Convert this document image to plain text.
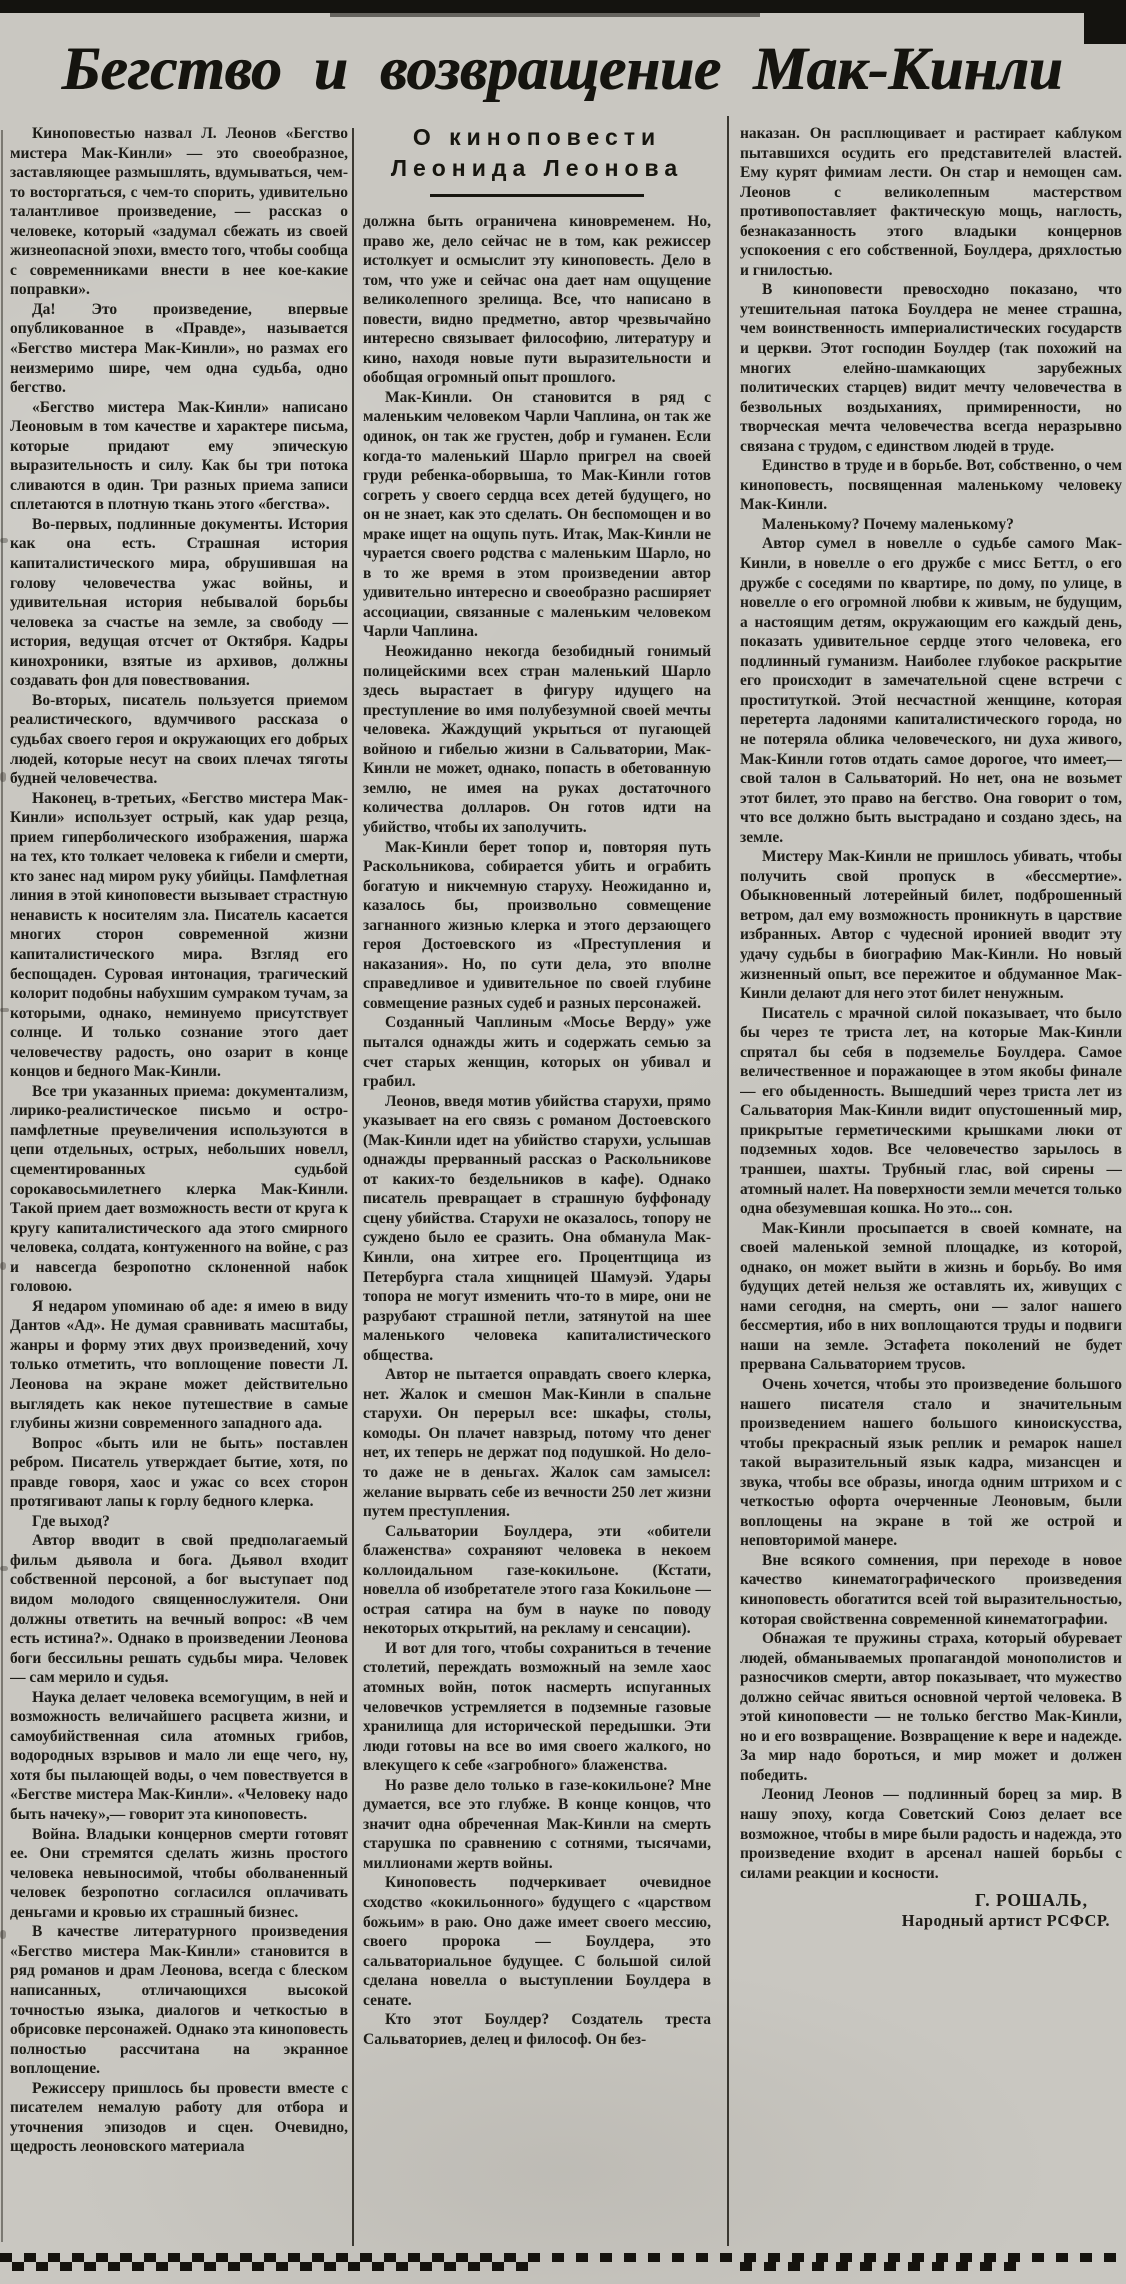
Бегство и возвращение Мак-Кинли
О киноповести
Леонида Леонова

Киноповестью назвал Л. Леонов «Бегство мистера Мак-Кинли» — это своеобразное, заставляющее размышлять, вдумываться, чем-то восторгаться, с чем-то спорить, удивительно талантливое произведение, — рассказ о человеке, который «задумал сбежать из своей жизнеопасной эпохи, вместо того, чтобы сообща с современниками внести в нее кое-какие поправки».

Да! Это произведение, впервые опубликованное в «Правде», называется «Бегство мистера Мак-Кинли», но размах его неизмеримо шире, чем одна судьба, одно бегство.

«Бегство мистера Мак-Кинли» написано Леоновым в том качестве и характере письма, которые придают ему эпическую выразительность и силу. Как бы три потока сливаются в один. Три разных приема записи сплетаются в плотную ткань этого «бегства».

Во-первых, подлинные документы. История как она есть. Страшная история капиталистического мира, обрушившая на голову человечества ужас войны, и удивительная история небывалой борьбы человека за счастье на земле, за свободу — история, ведущая отсчет от Октября. Кадры кинохроники, взятые из архивов, должны создавать фон для повествования.

Во-вторых, писатель пользуется приемом реалистического, вдумчивого рассказа о судьбах своего героя и окружающих его добрых людей, которые несут на своих плечах тяготы будней человечества.

Наконец, в-третьих, «Бегство мистера Мак-Кинли» использует острый, как удар резца, прием гиперболического изображения, шаржа на тех, кто толкает человека к гибели и смерти, кто занес над миром руку убийцы. Памфлетная линия в этой киноповести вызывает страстную ненависть к носителям зла. Писатель касается многих сторон современной жизни капиталистического мира. Взгляд его беспощаден. Суровая интонация, трагический колорит подобны набухшим сумраком тучам, за которыми, однако, неминуемо присутствует солнце. И только сознание этого дает человечеству радость, оно озарит в конце концов и бедного Мак-Кинли.

Все три указанных приема: документализм, лирико-реалистическое письмо и остро-памфлетные преувеличения используются в цепи отдельных, острых, небольших новелл, сцементированных судьбой сорокавосьмилетнего клерка Мак-Кинли. Такой прием дает возможность вести от круга к кругу капиталистического ада этого смирного человека, солдата, контуженного на войне, с раз и навсегда безропотно склоненной набок головою.

Я недаром упоминаю об аде: я имею в виду Дантов «Ад». Не думая сравнивать масштабы, жанры и форму этих двух произведений, хочу только отметить, что воплощение повести Л. Леонова на экране может действительно выглядеть как некое путешествие в самые глубины жизни современного западного ада.

Вопрос «быть или не быть» поставлен ребром. Писатель утверждает бытие, хотя, по правде говоря, хаос и ужас со всех сторон протягивают лапы к горлу бедного клерка.

Где выход?

Автор вводит в свой предполагаемый фильм дьявола и бога. Дьявол входит собственной персоной, а бог выступает под видом молодого священнослужителя. Они должны ответить на вечный вопрос: «В чем есть истина?». Однако в произведении Леонова боги бессильны решать судьбы мира. Человек — сам мерило и судья.

Наука делает человека всемогущим, в ней и возможность величайшего расцвета жизни, и самоубийственная сила атомных грибов, водородных взрывов и мало ли еще чего, ну, хотя бы пылающей воды, о чем повествуется в «Бегстве мистера Мак-Кинли». «Человеку надо быть начеку»,— говорит эта киноповесть.

Война. Владыки концернов смерти готовят ее. Они стремятся сделать жизнь простого человека невыносимой, чтобы оболваненный человек безропотно согласился оплачивать деньгами и кровью их страшный бизнес.

В качестве литературного произведения «Бегство мистера Мак-Кинли» становится в ряд романов и драм Леонова, всегда с блеском написанных, отличающихся высокой точностью языка, диалогов и четкостью в обрисовке персонажей. Однако эта киноповесть полностью рассчитана на экранное воплощение.

Режиссеру пришлось бы провести вместе с писателем немалую работу для отбора и уточнения эпизодов и сцен. Очевидно, щедрость леоновского материала

должна быть ограничена киновременем. Но, право же, дело сейчас не в том, как режиссер истолкует и осмыслит эту киноповесть. Дело в том, что уже и сейчас она дает нам ощущение великолепного зрелища. Все, что написано в повести, видно предметно, автор чрезвычайно интересно связывает философию, литературу и кино, находя новые пути выразительности и обобщая огромный опыт прошлого.

Мак-Кинли. Он становится в ряд с маленьким человеком Чарли Чаплина, он так же одинок, он так же грустен, добр и гуманен. Если когда-то маленький Шарло пригрел на своей груди ребенка-оборвыша, то Мак-Кинли готов согреть у своего сердца всех детей будущего, но он не знает, как это сделать. Он беспомощен и во мраке ищет на ощупь путь. Итак, Мак-Кинли не чурается своего родства с маленьким Шарло, но в то же время в этом произведении автор удивительно интересно и своеобразно расширяет ассоциации, связанные с маленьким человеком Чарли Чаплина.

Неожиданно некогда безобидный гонимый полицейскими всех стран маленький Шарло здесь вырастает в фигуру идущего на преступление во имя полубезумной своей мечты человека. Жаждущий укрыться от пугающей войною и гибелью жизни в Сальватории, Мак-Кинли не может, однако, попасть в обетованную землю, не имея на руках достаточного количества долларов. Он готов идти на убийство, чтобы их заполучить.

Мак-Кинли берет топор и, повторяя путь Раскольникова, собирается убить и ограбить богатую и никчемную старуху. Неожиданно и, казалось бы, произвольно совмещение загнанного жизнью клерка и этого дерзающего героя Достоевского из «Преступления и наказания». Но, по сути дела, это вполне справедливое и удивительное по своей глубине совмещение разных судеб и разных персонажей.

Созданный Чаплиным «Мосье Верду» уже пытался однажды жить и содержать семью за счет старых женщин, которых он убивал и грабил.

Леонов, введя мотив убийства старухи, прямо указывает на его связь с романом Достоевского (Мак-Кинли идет на убийство старухи, услышав однажды прерванный рассказ о Раскольникове от каких-то бездельников в кафе). Однако писатель превращает в страшную буффонаду сцену убийства. Старухи не оказалось, топору не суждено было ее сразить. Она обманула Мак-Кинли, она хитрее его. Процентщица из Петербурга стала хищницей Шамуэй. Удары топора не могут изменить что-то в мире, они не разрубают страшной петли, затянутой на шее маленького человека капиталистического общества.

Автор не пытается оправдать своего клерка, нет. Жалок и смешон Мак-Кинли в спальне старухи. Он перерыл все: шкафы, столы, комоды. Он плачет навзрыд, потому что денег нет, их теперь не держат под подушкой. Но дело-то даже не в деньгах. Жалок сам замысел: желание вырвать себе из вечности 250 лет жизни путем преступления.

Сальватории Боулдера, эти «обители блаженства» сохраняют человека в некоем коллоидальном газе-кокильоне. (Кстати, новелла об изобретателе этого газа Кокильоне — острая сатира на бум в науке по поводу некоторых открытий, на рекламу и сенсации).

И вот для того, чтобы сохраниться в течение столетий, переждать возможный на земле хаос атомных войн, поток насмерть испуганных человечков устремляется в подземные газовые хранилища для исторической передышки. Эти люди готовы на все во имя своего жалкого, но влекущего к себе «загробного» блаженства.

Но разве дело только в газе-кокильоне? Мне думается, все это глубже. В конце концов, что значит одна обреченная Мак-Кинли на смерть старушка по сравнению с сотнями, тысячами, миллионами жертв войны.

Киноповесть подчеркивает очевидное сходство «кокильонного» будущего с «царством божьим» в раю. Оно даже имеет своего мессию, своего пророка — Боулдера, это сальваториальное будущее. С большой силой сделана новелла о выступлении Боулдера в сенате.

Кто этот Боулдер? Создатель треста Сальваториев, делец и философ. Он без-

наказан. Он расплющивает и растирает каблуком пытавшихся осудить его представителей властей. Ему курят фимиам лести. Он стар и немощен сам. Леонов с великолепным мастерством противопоставляет фактическую мощь, наглость, безнаказанность этого владыки концернов успокоения с его собственной, Боулдера, дряхлостью и гнилостью.

В киноповести превосходно показано, что утешительная патока Боулдера не менее страшна, чем воинственность империалистических государств и церкви. Этот господин Боулдер (так похожий на многих елейно-шамкающих зарубежных политических старцев) видит мечту человечества в безвольных воздыханиях, примиренности, но творческая мечта человечества всегда неразрывно связана с трудом, с единством людей в труде.

Единство в труде и в борьбе. Вот, собственно, о чем киноповесть, посвященная маленькому человеку Мак-Кинли.

Маленькому? Почему маленькому?

Автор сумел в новелле о судьбе самого Мак-Кинли, в новелле о его дружбе с мисс Беттл, о его дружбе с соседями по квартире, по дому, по улице, в новелле о его огромной любви к живым, не будущим, а настоящим детям, окружающим его каждый день, показать удивительное сердце этого человека, его подлинный гуманизм. Наиболее глубокое раскрытие его происходит в замечательной сцене встречи с проституткой. Этой несчастной женщине, которая перетерта ладонями капиталистического города, но не потеряла облика человеческого, ни духа живого, Мак-Кинли готов отдать самое дорогое, что имеет,— свой талон в Сальваторий. Но нет, она не возьмет этот билет, это право на бегство. Она говорит о том, что все должно быть выстрадано и создано здесь, на земле.

Мистеру Мак-Кинли не пришлось убивать, чтобы получить свой пропуск в «бессмертие». Обыкновенный лотерейный билет, подброшенный ветром, дал ему возможность проникнуть в царствие избранных. Автор с чудесной иронией вводит эту удачу судьбы в биографию Мак-Кинли. Но новый жизненный опыт, все пережитое и обдуманное Мак-Кинли делают для него этот билет ненужным.

Писатель с мрачной силой показывает, что было бы через те триста лет, на которые Мак-Кинли спрятал бы себя в подземелье Боулдера. Самое величественное и поражающее в этом якобы финале — его обыденность. Вышедший через триста лет из Сальватория Мак-Кинли видит опустошенный мир, прикрытые герметическими крышками люки от подземных ходов. Все человечество зарылось в траншеи, шахты. Трубный глас, вой сирены — атомный налет. На поверхности земли мечется только одна обезумевшая кошка. Но это... сон.

Мак-Кинли просыпается в своей комнате, на своей маленькой земной площадке, из которой, однако, он может выйти в жизнь и борьбу. Во имя будущих детей нельзя же оставлять их, живущих с нами сегодня, на смерть, они — залог нашего бессмертия, ибо в них воплощаются труды и подвиги наши на земле. Эстафета поколений не будет прервана Сальваторием трусов.

Очень хочется, чтобы это произведение большого нашего писателя стало и значительным произведением нашего большого киноискусства, чтобы прекрасный язык реплик и ремарок нашел такой выразительный язык кадра, мизансцен и звука, чтобы все образы, иногда одним штрихом и с четкостью офорта очерченные Леоновым, были воплощены на экране в той же острой и неповторимой манере.

Вне всякого сомнения, при переходе в новое качество кинематографического произведения киноповесть обогатится всей той выразительностью, которая свойственна современной кинематографии.

Обнажая те пружины страха, который обуревает людей, обманываемых пропагандой монополистов и разносчиков смерти, автор показывает, что мужество должно сейчас явиться основной чертой человека. В этой киноповести — не только бегство Мак-Кинли, но и его возвращение. Возвращение к вере и надежде. За мир надо бороться, и мир может и должен победить.

Леонид Леонов — подлинный борец за мир. В нашу эпоху, когда Советский Союз делает все возможное, чтобы в мире были радость и надежда, это произведение входит в арсенал нашей борьбы с силами реакции и косности.

Г. РОШАЛЬ,
Народный артист РСФСР.
